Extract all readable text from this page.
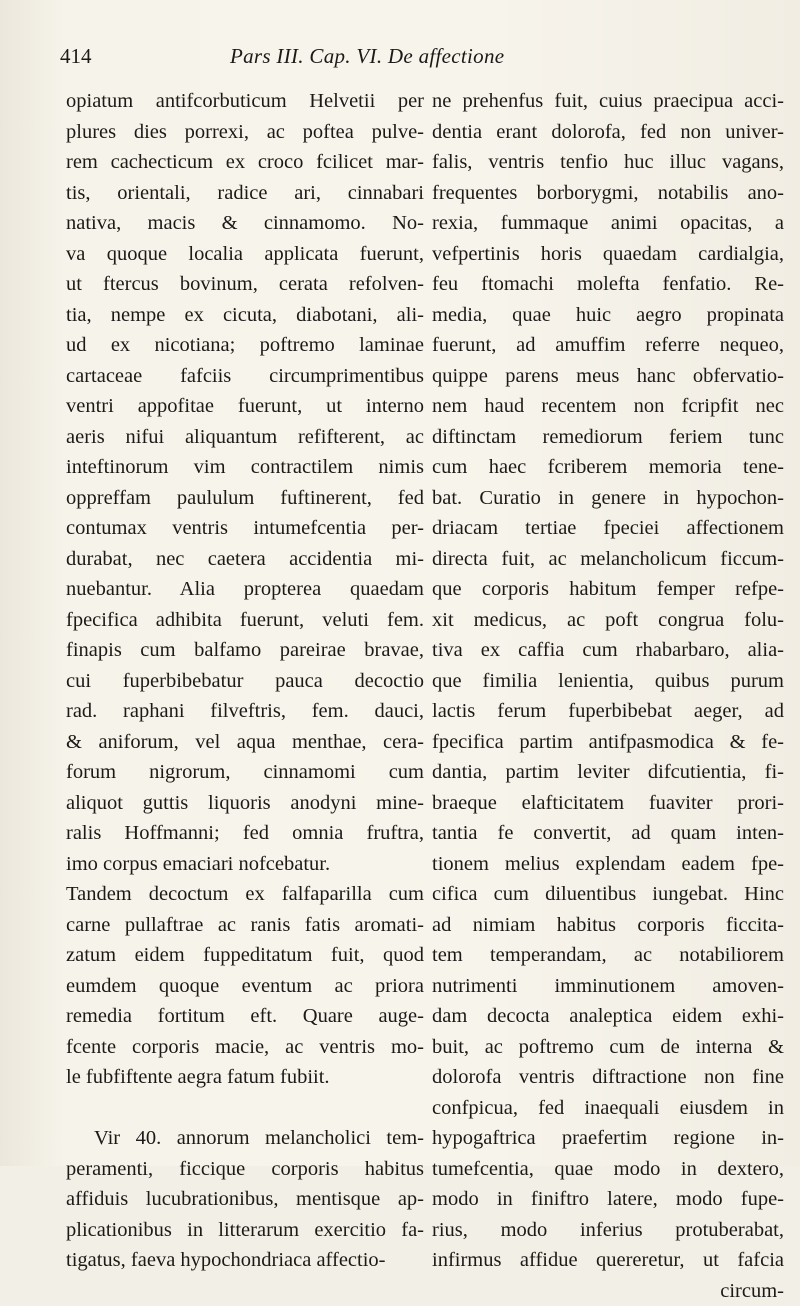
414	Pars III. Cap. VI. De affectione
opiatum antifcorbuticum Helvetii per
plures dies porrexi, ac poftea pulve-
rem cachecticum ex croco fcilicet mar-
tis, orientali, radice ari, cinnabari
nativa, macis & cinnamomo. No-
va quoque localia applicata fuerunt,
ut ftercus bovinum, cerata refolven-
tia, nempe ex cicuta, diabotani, ali-
ud ex nicotiana; poftremo laminae
cartaceae fafciis circumprimentibus
ventri appofitae fuerunt, ut interno
aeris nifui aliquantum refifterent, ac
inteftinorum vim contractilem nimis
oppreffam paululum fuftinerent, fed
contumax ventris intumefcentia per-
durabat, nec caetera accidentia mi-
nuebantur. Alia propterea quaedam
fpecifica adhibita fuerunt, veluti fem.
finapis cum balfamo pareirae bravae,
cui fuperbibebatur pauca decoctio
rad. raphani filveftris, fem. dauci,
& aniforum, vel aqua menthae, cera-
forum nigrorum, cinnamomi cum
aliquot guttis liquoris anodyni mine-
ralis Hoffmanni; fed omnia fruftra,
imo corpus emaciari nofcebatur.
Tandem decoctum ex falfaparilla cum
carne pullaftrae ac ranis fatis aromati-
zatum eidem fuppeditatum fuit, quod
eumdem quoque eventum ac priora
remedia fortitum eft. Quare auge-
fcente corporis macie, ac ventris mo-
le fubfiftente aegra fatum fubiit.
Vir 40. annorum melancholici tem-
peramenti, ficcique corporis habitus
affiduis lucubrationibus, mentisque ap-
plicationibus in litterarum exercitio fa-
tigatus, faeva hypochondriaca affectio-
ne prehenfus fuit, cuius praecipua acci-
dentia erant dolorofa, fed non univer-
falis, ventris tenfio huc illuc vagans,
frequentes borborygmi, notabilis ano-
rexia, fummaque animi opacitas, a
vefpertinis horis quaedam cardialgia,
feu ftomachi molefta fenfatio. Re-
media, quae huic aegro propinata
fuerunt, ad amuffim referre nequeo,
quippe parens meus hanc obfervatio-
nem haud recentem non fcripfit nec
diftinctam remediorum feriem tunc
cum haec fcriberem memoria tene-
bat. Curatio in genere in hypochon-
driacam tertiae fpeciei affectionem
directa fuit, ac melancholicum ficcum-
que corporis habitum femper refpe-
xit medicus, ac poft congrua folu-
tiva ex caffia cum rhabarbaro, alia-
que fimilia lenientia, quibus purum
lactis ferum fuperbibebat aeger, ad
fpecifica partim antifpasmodica & fe-
dantia, partim leviter difcutientia, fi-
braeque elafticitatem fuaviter prori-
tantia fe convertit, ad quam inten-
tionem melius explendam eadem fpe-
cifica cum diluentibus iungebat. Hinc
ad nimiam habitus corporis ficcita-
tem temperandam, ac notabiliorem
nutrimenti imminutionem amoven-
dam decocta analeptica eidem exhi-
buit, ac poftremo cum de interna &
dolorofa ventris diftractione non fine
confpicua, fed inaequali eiusdem in
hypogaftrica praefertim regione in-
tumefcentia, quae modo in dextero,
modo in finiftro latere, modo fupe-
rius, modo inferius protuberabat,
infirmus affidue quereretur, ut fafcia
circum-
